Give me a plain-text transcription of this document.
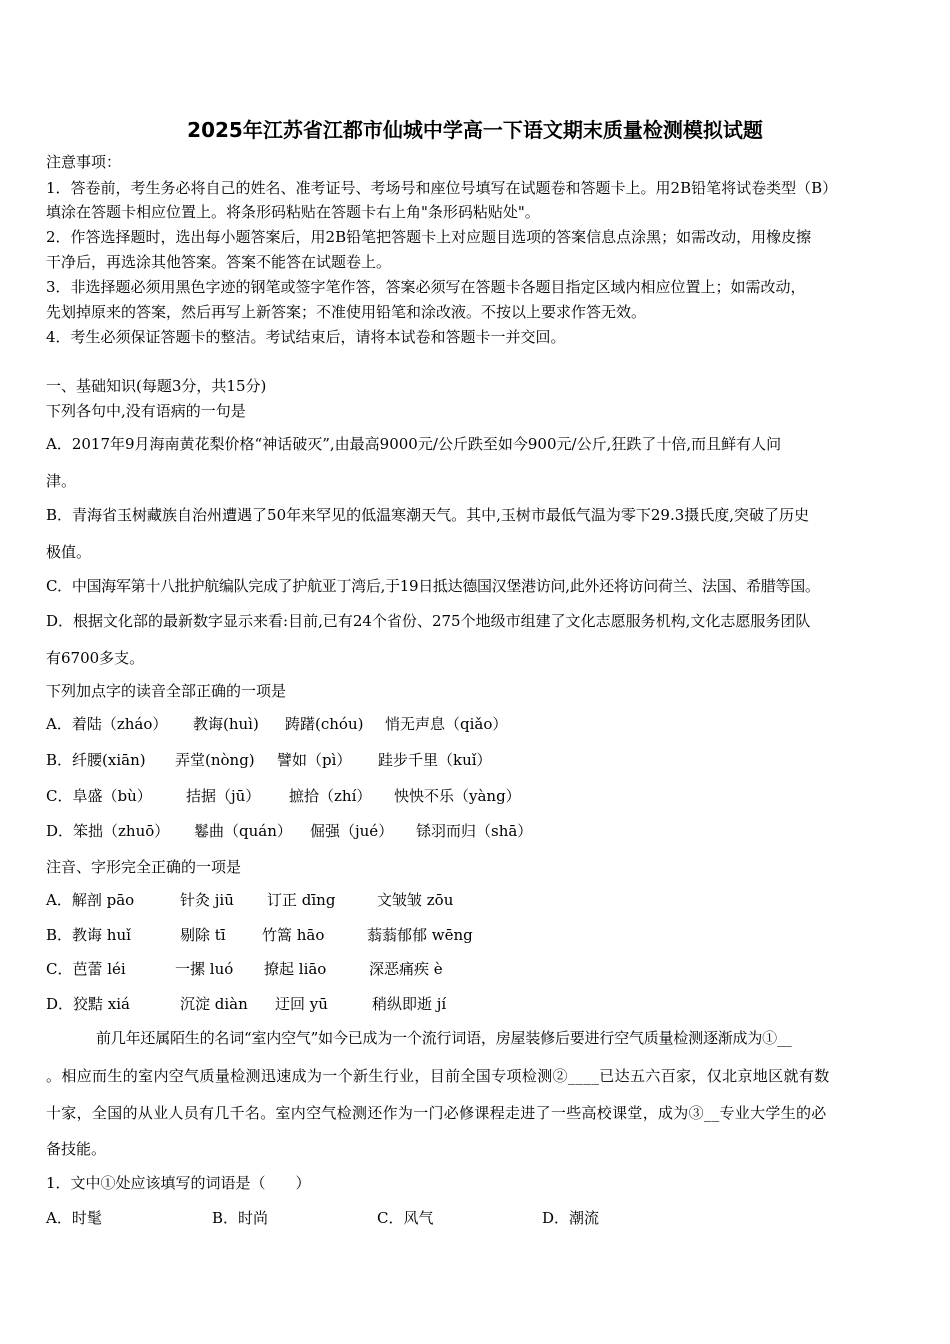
2025年江苏省江都市仙城中学高一下语文期末质量检测模拟试题
注意事项：
1．答卷前，考生务必将自己的姓名、准考证号、考场号和座位号填写在试题卷和答题卡上。用2B铅笔将试卷类型（B）
填涂在答题卡相应位置上。将条形码粘贴在答题卡右上角"条形码粘贴处"。
2．作答选择题时，选出每小题答案后，用2B铅笔把答题卡上对应题目选项的答案信息点涂黑；如需改动，用橡皮擦
干净后，再选涂其他答案。答案不能答在试题卷上。
3．非选择题必须用黑色字迹的钢笔或签字笔作答，答案必须写在答题卡各题目指定区域内相应位置上；如需改动，
先划掉原来的答案，然后再写上新答案；不准使用铅笔和涂改液。不按以上要求作答无效。
4．考生必须保证答题卡的整洁。考试结束后，请将本试卷和答题卡一并交回。
一、基础知识(每题3分，共15分)
下列各句中,没有语病的一句是
A．2017年9月海南黄花梨价格“神话破灭”,由最高9000元/公斤跌至如今900元/公斤,狂跌了十倍,而且鲜有人问
津。
B．青海省玉树藏族自治州遭遇了50年来罕见的低温寒潮天气。其中,玉树市最低气温为零下29.3摄氏度,突破了历史
极值。
C．中国海军第十八批护航编队完成了护航亚丁湾后,于19日抵达德国汉堡港访问,此外还将访问荷兰、法国、希腊等国。
D．根据文化部的最新数字显示来看:目前,已有24个省份、275个地级市组建了文化志愿服务机构,文化志愿服务团队
有6700多支。
下列加点字的读音全部正确的一项是
A．着陆（zháo） 教诲(huì) 踌躇(chóu) 悄无声息（qiǎo）
B．纤腰(xiān) 弄堂(nòng) 譬如（pì） 跬步千里（kuǐ）
C．阜盛（bù） 拮据（jū） 摭拾（zhí） 怏怏不乐（yàng）
D．笨拙（zhuō） 鬈曲（quán） 倔强（jué） 铩羽而归（shā）
注音、字形完全正确的一项是
A．解剖 pāo	针灸 jiū 订正 dīng	文皱皱 zōu
B．教诲 huǐ	剔除 tī 竹篙 hāo	蓊蓊郁郁 wēng
C．芭蕾 léi	一摞 luó 撩起 liāo	深恶痛疾 è
D．狡黠 xiá	沉淀 diàn 迂回 yū	稍纵即逝 jí
前几年还属陌生的名词“室内空气”如今已成为一个流行词语，房屋装修后要进行空气质量检测逐渐成为①__
。相应而生的室内空气质量检测迅速成为一个新生行业，目前全国专项检测②____已达五六百家，仅北京地区就有数
十家，全国的从业人员有几千名。室内空气检测还作为一门必修课程走进了一些高校课堂，成为③__专业大学生的必
备技能。
1．文中①处应该填写的词语是（　　）
A．时髦	B．时尚	C．风气	D．潮流
